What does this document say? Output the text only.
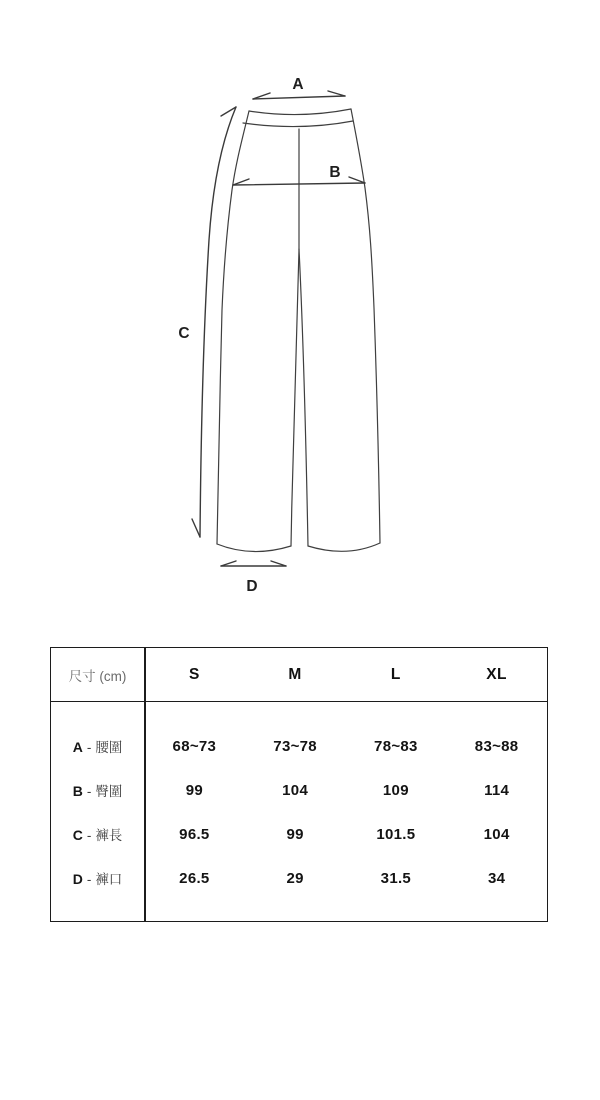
A
B
C
D
尺寸 (cm)	S	M	L	XL
A - 腰圍	68~73	73~78	78~83	83~88
B - 臀圍	99	104	109	114
C - 褲長	96.5	99	101.5	104
D - 褲口	26.5	29	31.5	34
